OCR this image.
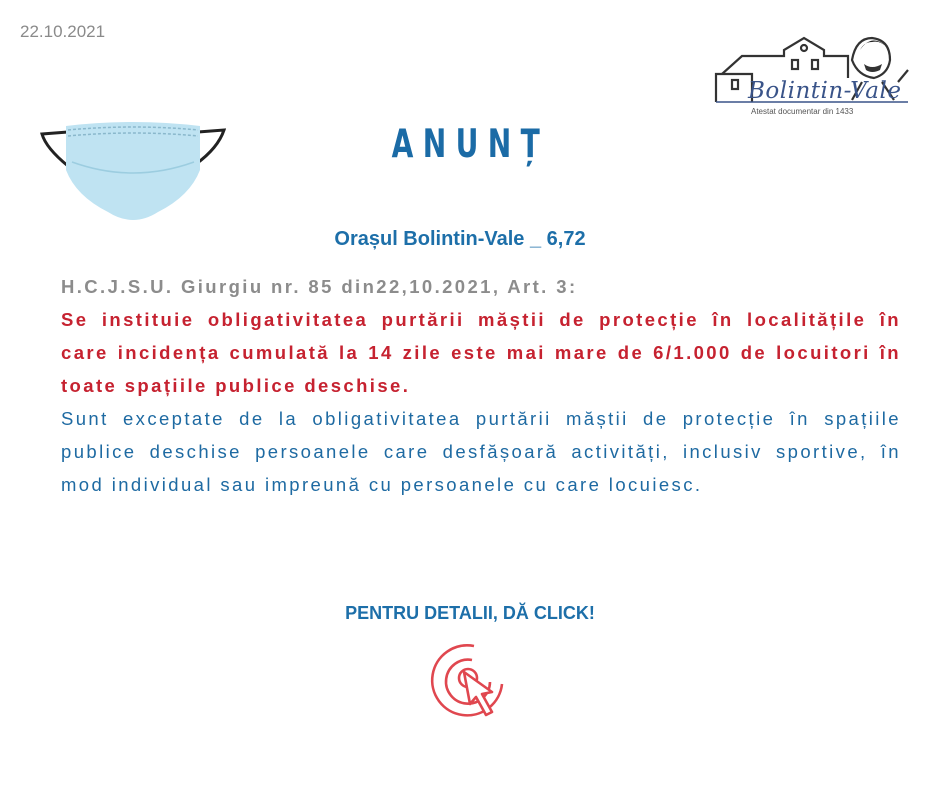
22.10.2021
Bolintin-Vale
Atestat documentar din 1433
ANUNȚ
Orașul Bolintin-Vale _ 6,72
H.C.J.S.U. Giurgiu nr. 85 din22,10.2021, Art. 3:
Se instituie obligativitatea purtării măștii de protecție în localitățile în care incidența cumulată la 14 zile este mai mare de 6/1.000 de locuitori în toate spațiile publice deschise.
Sunt exceptate de la obligativitatea purtării măștii de protecție în spațiile publice deschise persoanele care desfășoară activități, inclusiv sportive, în mod individual sau impreună cu persoanele cu care locuiesc.
PENTRU DETALII, DĂ CLICK!
